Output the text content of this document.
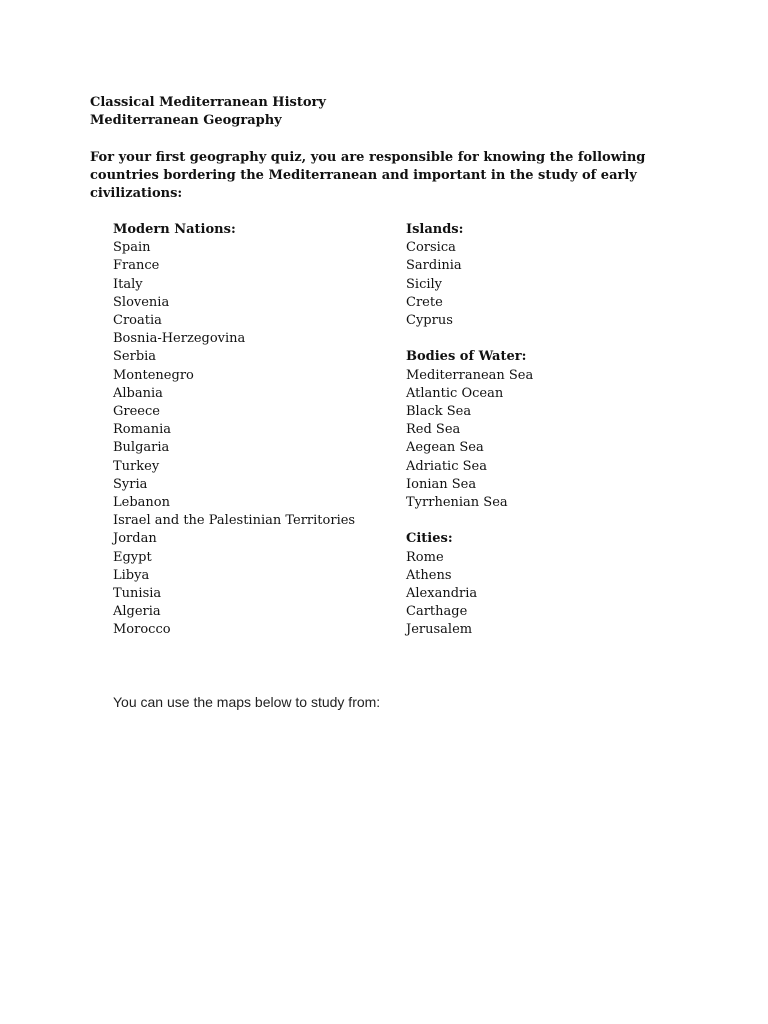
Classical Mediterranean History
Mediterranean Geography
For your first geography quiz, you are responsible for knowing the following countries bordering the Mediterranean and important in the study of early civilizations:
Modern Nations:
Spain
France
Italy
Slovenia
Croatia
Bosnia-Herzegovina
Serbia
Montenegro
Albania
Greece
Romania
Bulgaria
Turkey
Syria
Lebanon
Israel and the Palestinian Territories
Jordan
Egypt
Libya
Tunisia
Algeria
Morocco
Islands:
Corsica
Sardinia
Sicily
Crete
Cyprus
Bodies of Water:
Mediterranean Sea
Atlantic Ocean
Black Sea
Red Sea
Aegean Sea
Adriatic Sea
Ionian Sea
Tyrrhenian Sea
Cities:
Rome
Athens
Alexandria
Carthage
Jerusalem
You can use the maps below to study from:
